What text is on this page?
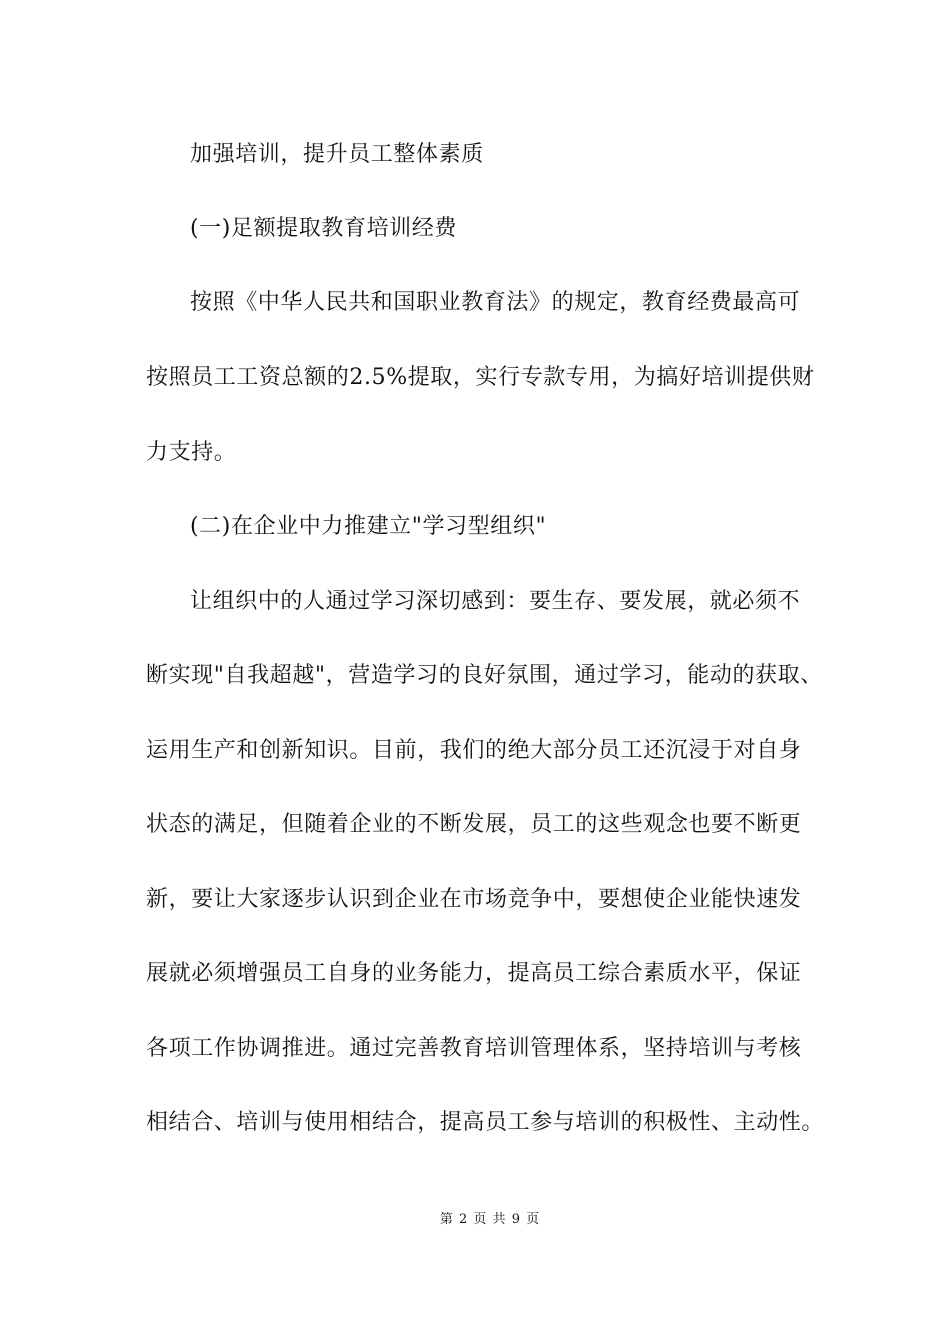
加强培训，提升员工整体素质
(一)足额提取教育培训经费
按照《中华人民共和国职业教育法》的规定，教育经费最高可
按照员工工资总额的2.5%提取，实行专款专用，为搞好培训提供财
力支持。
(二)在企业中力推建立"学习型组织"
让组织中的人通过学习深切感到：要生存、要发展，就必须不
断实现"自我超越"，营造学习的良好氛围，通过学习，能动的获取、
运用生产和创新知识。目前，我们的绝大部分员工还沉浸于对自身
状态的满足，但随着企业的不断发展，员工的这些观念也要不断更
新，要让大家逐步认识到企业在市场竞争中，要想使企业能快速发
展就必须增强员工自身的业务能力，提高员工综合素质水平，保证
各项工作协调推进。通过完善教育培训管理体系，坚持培训与考核
相结合、培训与使用相结合，提高员工参与培训的积极性、主动性。
第 2 页 共 9 页
